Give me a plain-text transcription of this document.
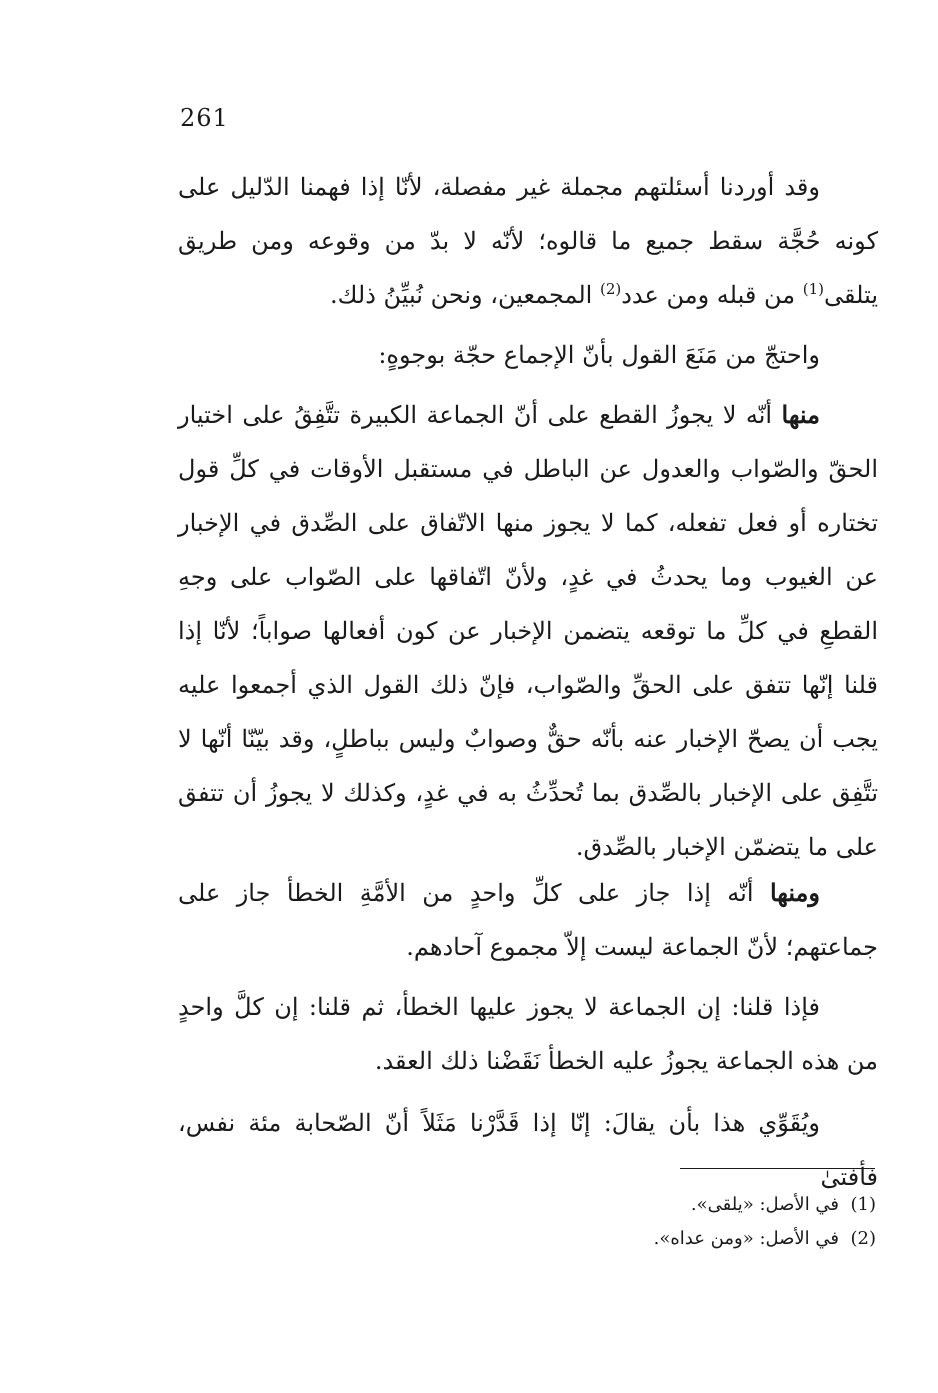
261

وقد أوردنا أسئلتهم مجملة غير مفصلة، لأنّا إذا فهمنا الدّليل على كونه حُجَّة سقط جميع ما قالوه؛ لأنّه لا بدّ من وقوعه ومن طريق يتلقى$^{(1)}$ من قبله ومن عدد$^{(2)}$ المجمعين، ونحن نُبيِّنُ ذلك.

واحتجّ من مَنَعَ القول بأنّ الإجماع حجّة بوجوهٍ:

منها أنّه لا يجوزُ القطع على أنّ الجماعة الكبيرة تتَّفِقُ على اختيار الحقّ والصّواب والعدول عن الباطل في مستقبل الأوقات في كلِّ قول تختاره أو فعل تفعله، كما لا يجوز منها الاتّفاق على الصِّدق في الإخبار عن الغيوب وما يحدثُ في غدٍ، ولأنّ اتّفاقها على الصّواب على وجهِ القطعِ في كلِّ ما توقعه يتضمن الإخبار عن كون أفعالها صواباً؛ لأنّا إذا قلنا إنّها تتفق على الحقِّ والصّواب، فإنّ ذلك القول الذي أجمعوا عليه يجب أن يصحّ الإخبار عنه بأنّه حقٌّ وصوابٌ وليس بباطلٍ، وقد بيّنّا أنّها لا تتَّفِق على الإخبار بالصِّدق بما تُحدِّثُ به في غدٍ، وكذلك لا يجوزُ أن تتفق على ما يتضمّن الإخبار بالصِّدق.

ومنها أنّه إذا جاز على كلِّ واحدٍ من الأمَّةِ الخطأ جاز على جماعتهم؛ لأنّ الجماعة ليست إلاّ مجموع آحادهم.

فإذا قلنا: إن الجماعة لا يجوز عليها الخطأ، ثم قلنا: إن كلَّ واحدٍ من هذه الجماعة يجوزُ عليه الخطأ نَقَضْنا ذلك العقد.

ويُقَوِّي هذا بأن يقالَ: إنّا إذا قَدَّرْنا مَثَلاً أنّ الصّحابة مئة نفس، فأفتىٰ

(1)  في الأصل: «يلقى».

(2)  في الأصل: «ومن عداه».
